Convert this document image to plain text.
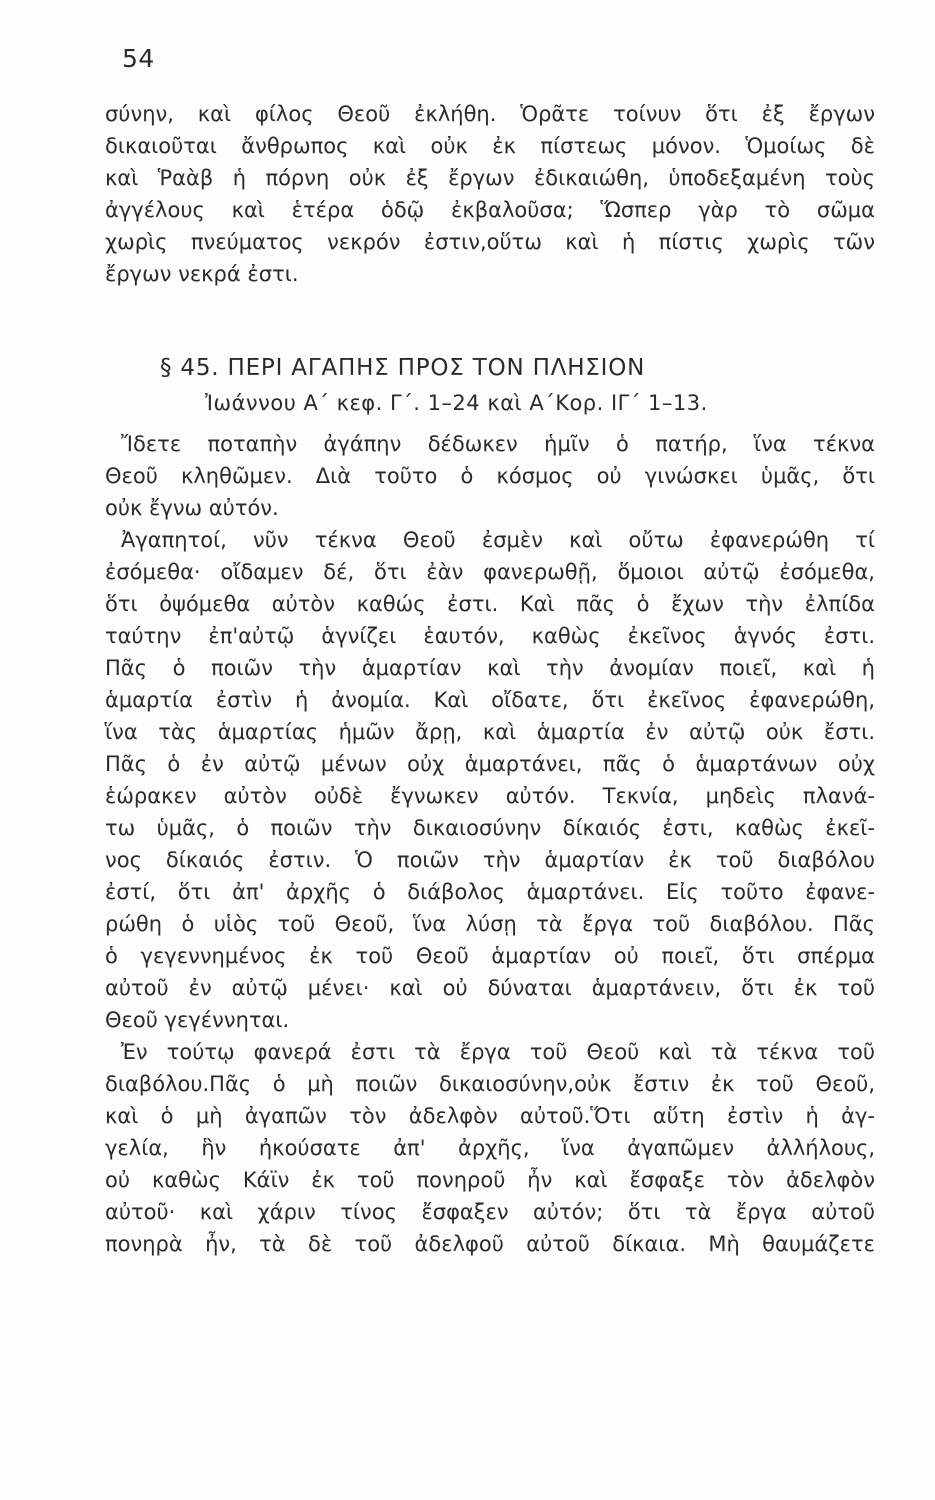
54
σύνην, καὶ φίλος Θεοῦ ἐκλήθη. Ὁρᾶτε τοίνυν ὅτι ἐξ ἔργων
δικαιοῦται ἄνθρωπος καὶ οὐκ ἐκ πίστεως μόνον. Ὁμοίως δὲ
καὶ Ῥαὰβ ἡ πόρνη οὐκ ἐξ ἔργων ἐδικαιώθη, ὑποδεξαμένη τοὺς
ἀγγέλους καὶ ἑτέρα ὁδῷ ἐκβαλοῦσα; Ὥσπερ γὰρ τὸ σῶμα
χωρὶς πνεύματος νεκρόν ἐστιν,οὕτω καὶ ἡ πίστις χωρὶς τῶν
ἔργων νεκρά ἐστι.
§ 45. ΠΕΡΙ ΑΓΑΠΗΣ ΠΡΟΣ ΤΟΝ ΠΛΗΣΙΟΝ
Ἰωάννου Α΄ κεφ. Γ΄. 1–24 καὶ Α΄Κορ. ΙΓ΄ 1–13.
Ἴδετε ποταπὴν ἀγάπην δέδωκεν ἡμῖν ὁ πατήρ, ἵνα τέκνα
Θεοῦ κληθῶμεν. Διὰ τοῦτο ὁ κόσμος οὐ γινώσκει ὑμᾶς, ὅτι
οὐκ ἔγνω αὐτόν.
Ἀγαπητοί, νῦν τέκνα Θεοῦ ἐσμὲν καὶ οὔτω ἐφανερώθη τί
ἐσόμεθα· οἴδαμεν δέ, ὅτι ἐὰν φανερωθῇ, ὅμοιοι αὐτῷ ἐσόμεθα,
ὅτι ὀψόμεθα αὐτὸν καθώς ἐστι. Καὶ πᾶς ὁ ἔχων τὴν ἐλπίδα
ταύτην ἐπ'αὐτῷ ἁγνίζει ἑαυτόν, καθὼς ἐκεῖνος ἁγνός ἐστι.
Πᾶς ὁ ποιῶν τὴν ἁμαρτίαν καὶ τὴν ἀνομίαν ποιεῖ, καὶ ἡ
ἁμαρτία ἐστὶν ἡ ἀνομία. Καὶ οἴδατε, ὅτι ἐκεῖνος ἐφανερώθη,
ἵνα τὰς ἁμαρτίας ἡμῶν ἄρῃ, καὶ ἁμαρτία ἐν αὐτῷ οὐκ ἔστι.
Πᾶς ὁ ἐν αὐτῷ μένων οὐχ ἁμαρτάνει, πᾶς ὁ ἁμαρτάνων οὐχ
ἑώρακεν αὐτὸν οὐδὲ ἔγνωκεν αὐτόν. Τεκνία, μηδεὶς πλανά-
τω ὑμᾶς, ὁ ποιῶν τὴν δικαιοσύνην δίκαιός ἐστι, καθὼς ἐκεῖ-
νος δίκαιός ἐστιν. Ὁ ποιῶν τὴν ἁμαρτίαν ἐκ τοῦ διαβόλου
ἐστί, ὅτι ἀπ' ἀρχῆς ὁ διάβολος ἁμαρτάνει. Εἰς τοῦτο ἐφανε-
ρώθη ὁ υἱὸς τοῦ Θεοῦ, ἵνα λύσῃ τὰ ἔργα τοῦ διαβόλου. Πᾶς
ὁ γεγεννημένος ἐκ τοῦ Θεοῦ ἁμαρτίαν οὐ ποιεῖ, ὅτι σπέρμα
αὐτοῦ ἐν αὐτῷ μένει· καὶ οὐ δύναται ἁμαρτάνειν, ὅτι ἐκ τοῦ
Θεοῦ γεγέννηται.
Ἐν τούτῳ φανερά ἐστι τὰ ἔργα τοῦ Θεοῦ καὶ τὰ τέκνα τοῦ
διαβόλου.Πᾶς ὁ μὴ ποιῶν δικαιοσύνην,οὐκ ἔστιν ἐκ τοῦ Θεοῦ,
καὶ ὁ μὴ ἀγαπῶν τὸν ἀδελφὸν αὐτοῦ.Ὅτι αὕτη ἐστὶν ἡ ἀγ-
γελία, ἣν ἠκούσατε ἀπ' ἀρχῆς, ἵνα ἀγαπῶμεν ἀλλήλους,
οὐ καθὼς Κάϊν ἐκ τοῦ πονηροῦ ἦν καὶ ἔσφαξε τὸν ἀδελφὸν
αὐτοῦ· καὶ χάριν τίνος ἔσφαξεν αὐτόν; ὅτι τὰ ἔργα αὐτοῦ
πονηρὰ ἦν, τὰ δὲ τοῦ ἀδελφοῦ αὐτοῦ δίκαια. Μὴ θαυμάζετε
